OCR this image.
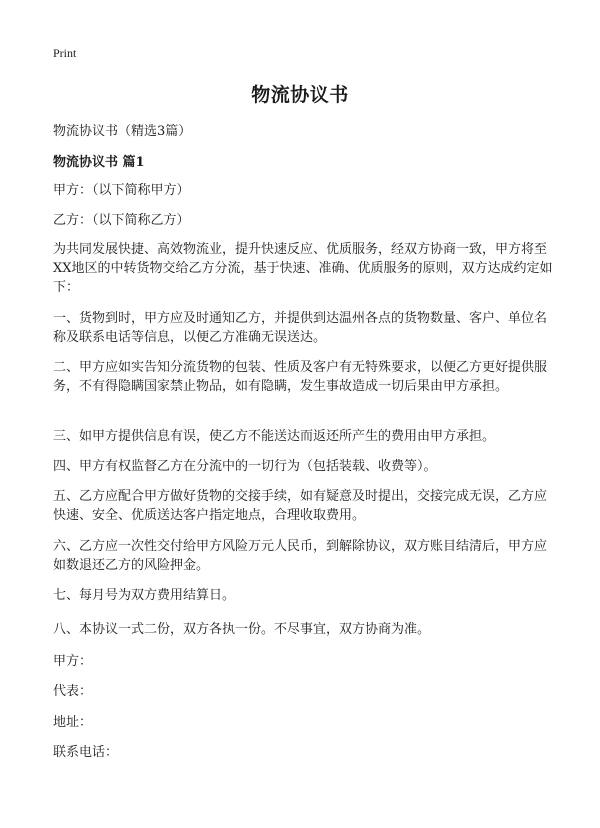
Print
物流协议书
物流协议书（精选3篇）
物流协议书 篇1

甲方：（以下简称甲方）

乙方：（以下简称乙方）

为共同发展快捷、高效物流业，提升快速反应、优质服务，经双方协商一致，甲方将至XX地区的中转货物交给乙方分流，基于快速、准确、优质服务的原则，双方达成约定如下：

一、货物到时，甲方应及时通知乙方，并提供到达温州各点的货物数量、客户、单位名称及联系电话等信息，以便乙方准确无误送达。

二、甲方应如实告知分流货物的包装、性质及客户有无特殊要求，以便乙方更好提供服务，不有得隐瞒国家禁止物品，如有隐瞒，发生事故造成一切后果由甲方承担。

三、如甲方提供信息有误，使乙方不能送达而返还所产生的费用由甲方承担。

四、甲方有权监督乙方在分流中的一切行为（包括装载、收费等）。

五、乙方应配合甲方做好货物的交接手续，如有疑意及时提出，交接完成无误，乙方应快速、安全、优质送达客户指定地点，合理收取费用。

六、乙方应一次性交付给甲方风险万元人民币，到解除协议，双方账目结清后，甲方应如数退还乙方的风险押金。

七、每月号为双方费用结算日。

八、本协议一式二份，双方各执一份。不尽事宜，双方协商为准。

甲方：

代表：

地址：

联系电话：
